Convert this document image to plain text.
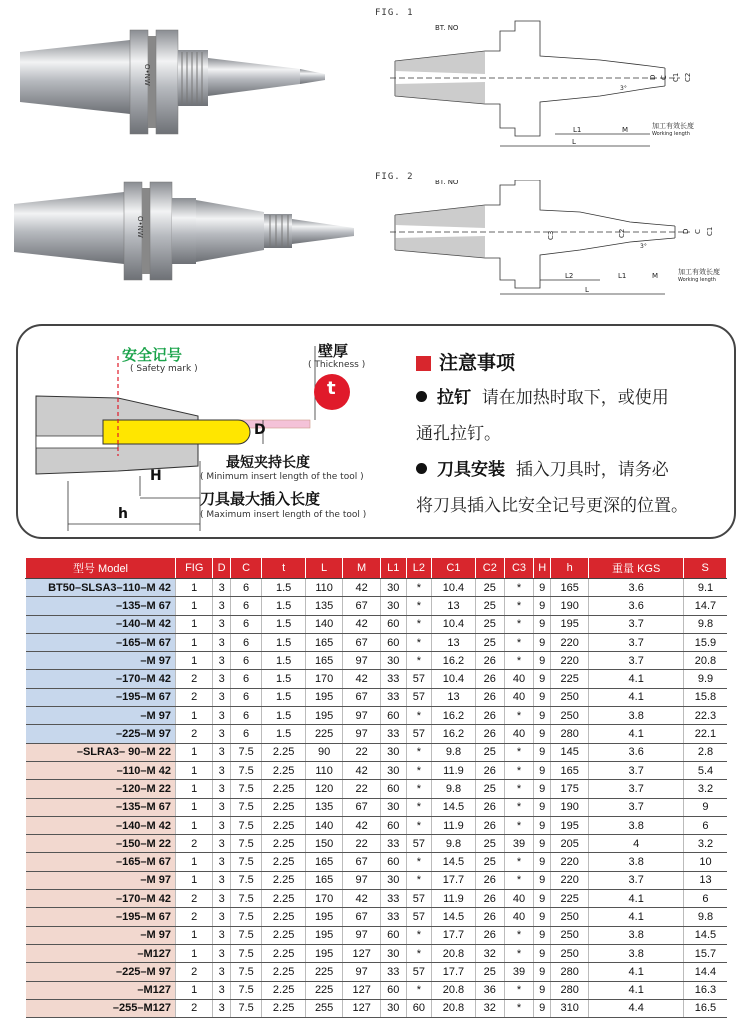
O•NW
O•NW
FIG. 1
BT. NO
D C C1 C2
L1	M
L
3°
加工有效长度
Working length
FIG. 2	BT. NO
D C C1
C2
C3
L2	L1	M
L
3°
加工有效长度
Working length
安全记号
( Safety mark )
壁厚
( Thickness )
t
D
H
h
最短夹持长度
( Minimum insert length of the tool )
刀具最大插入长度
( Maximum insert length of the tool )
注意事项
拉钉 请在加热时取下，或使用
通孔拉钉。
刀具安装 插入刀具时，请务必
将刀具插入比安全记号更深的位置。
型号 Model	FIG	D	C	t	L	M	L1	L2	C1	C2	C3	H	h	重量 KGS	S
BT50–SLSA3–110–M 42	1	3	6	1.5	110	42	30	*	10.4	25	*	9	165	3.6	9.1
–135–M 67	1	3	6	1.5	135	67	30	*	13	25	*	9	190	3.6	14.7
–140–M 42	1	3	6	1.5	140	42	60	*	10.4	25	*	9	195	3.7	9.8
–165–M 67	1	3	6	1.5	165	67	60	*	13	25	*	9	220	3.7	15.9
–M 97	1	3	6	1.5	165	97	30	*	16.2	26	*	9	220	3.7	20.8
–170–M 42	2	3	6	1.5	170	42	33	57	10.4	26	40	9	225	4.1	9.9
–195–M 67	2	3	6	1.5	195	67	33	57	13	26	40	9	250	4.1	15.8
–M 97	1	3	6	1.5	195	97	60	*	16.2	26	*	9	250	3.8	22.3
–225–M 97	2	3	6	1.5	225	97	33	57	16.2	26	40	9	280	4.1	22.1
–SLRA3– 90–M 22	1	3	7.5	2.25	90	22	30	*	9.8	25	*	9	145	3.6	2.8
–110–M 42	1	3	7.5	2.25	110	42	30	*	11.9	26	*	9	165	3.7	5.4
–120–M 22	1	3	7.5	2.25	120	22	60	*	9.8	25	*	9	175	3.7	3.2
–135–M 67	1	3	7.5	2.25	135	67	30	*	14.5	26	*	9	190	3.7	9
–140–M 42	1	3	7.5	2.25	140	42	60	*	11.9	26	*	9	195	3.8	6
–150–M 22	2	3	7.5	2.25	150	22	33	57	9.8	25	39	9	205	4	3.2
–165–M 67	1	3	7.5	2.25	165	67	60	*	14.5	25	*	9	220	3.8	10
–M 97	1	3	7.5	2.25	165	97	30	*	17.7	26	*	9	220	3.7	13
–170–M 42	2	3	7.5	2.25	170	42	33	57	11.9	26	40	9	225	4.1	6
–195–M 67	2	3	7.5	2.25	195	67	33	57	14.5	26	40	9	250	4.1	9.8
–M 97	1	3	7.5	2.25	195	97	60	*	17.7	26	*	9	250	3.8	14.5
–M127	1	3	7.5	2.25	195	127	30	*	20.8	32	*	9	250	3.8	15.7
–225–M 97	2	3	7.5	2.25	225	97	33	57	17.7	25	39	9	280	4.1	14.4
–M127	1	3	7.5	2.25	225	127	60	*	20.8	36	*	9	280	4.1	16.3
–255–M127	2	3	7.5	2.25	255	127	30	60	20.8	32	*	9	310	4.4	16.5
